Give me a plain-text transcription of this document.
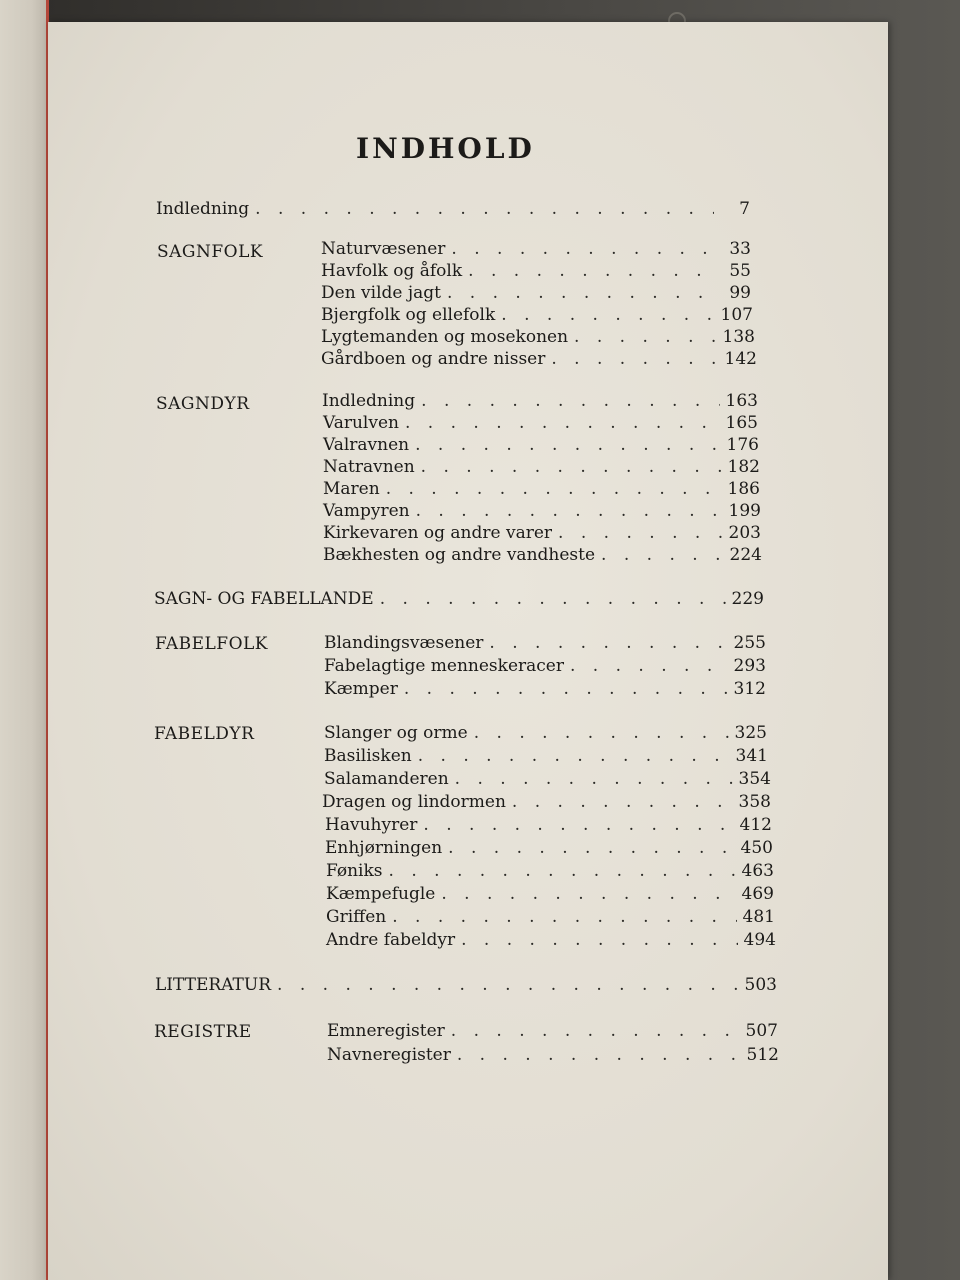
INDHOLD
Indledning . . .	7
SAGNFOLK	Naturvæsener . . .	33
Havfolk og åfolk . . .	55
Den vilde jagt . . .	99
Bjergfolk og ellefolk . . .	107
Lygtemanden og mosekonen . . .	138
Gårdboen og andre nisser . . .	142
SAGNDYR	Indledning . . .	163
Varulven . . .	165
Valravnen . . .	176
Natravnen . . .	182
Maren . . .	186
Vampyren . . .	199
Kirkevaren og andre varer . . .	203
Bækhesten og andre vandheste . . .	224
SAGN- OG FABELLANDE . . .	229
FABELFOLK	Blandingsvæsener . . .	255
Fabelagtige menneskeracer . . .	293
Kæmper . . .	312
FABELDYR	Slanger og orme . . .	325
Basilisken . . .	341
Salamanderen . . .	354
Dragen og lindormen . . .	358
Havuhyrer . . .	412
Enhjørningen . . .	450
Føniks . . .	463
Kæmpefugle . . .	469
Griffen . . .	481
Andre fabeldyr . . .	494
LITTERATUR . . .	503
REGISTRE	Emneregister . . .	507
Navneregister . . .	512
